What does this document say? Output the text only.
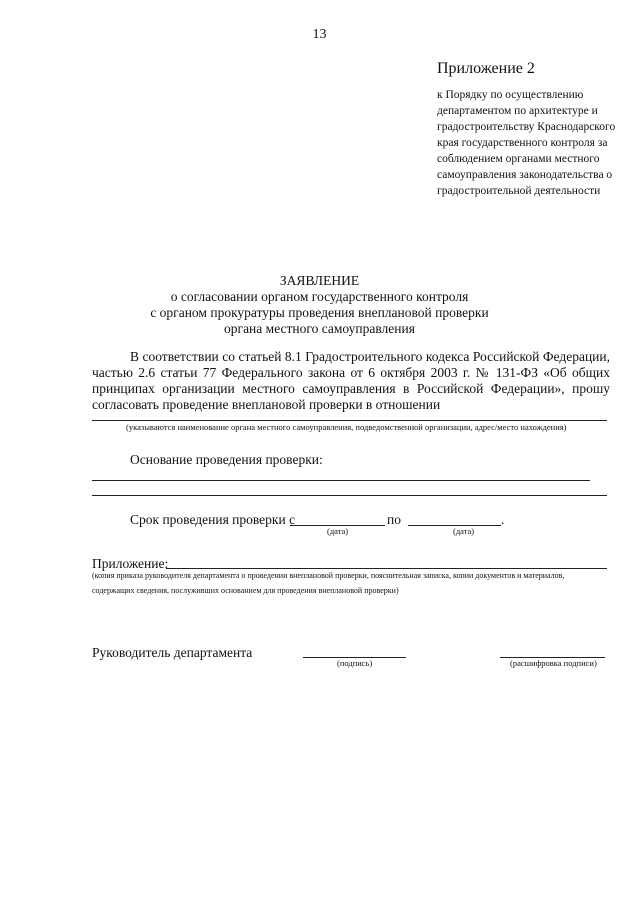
13
Приложение 2
к Порядку по осуществлению
департаментом по архитектуре и
градостроительству Краснодарского
края государственного контроля за
соблюдением органами местного
самоуправления законодательства о
градостроительной деятельности
ЗАЯВЛЕНИЕ
о согласовании органом государственного контроля
с органом прокуратуры проведения внеплановой проверки
органа местного самоуправления
В соответствии со статьей 8.1 Градостроительного кодекса Российской Федерации,
частью 2.6 статьи 77 Федерального закона от 6 октября 2003 г. № 131-ФЗ «Об общих
принципах организации местного самоуправления в Российской Федерации», прошу
согласовать проведение внеплановой проверки в отношении
(указываются наименование органа местного самоуправления, подведомственной организации, адрес/место нахождения)
Основание проведения проверки:
Срок проведения проверки с	по	.
(дата)	(дата)
Приложение:
(копия приказа руководителя департамента о проведении внеплановой проверки, пояснительная записка, копии документов и материалов,
содержащих сведения, послуживших основанием для проведения внеплановой проверки)
Руководитель департамента
(подпись)	(расшифровка подписи)
